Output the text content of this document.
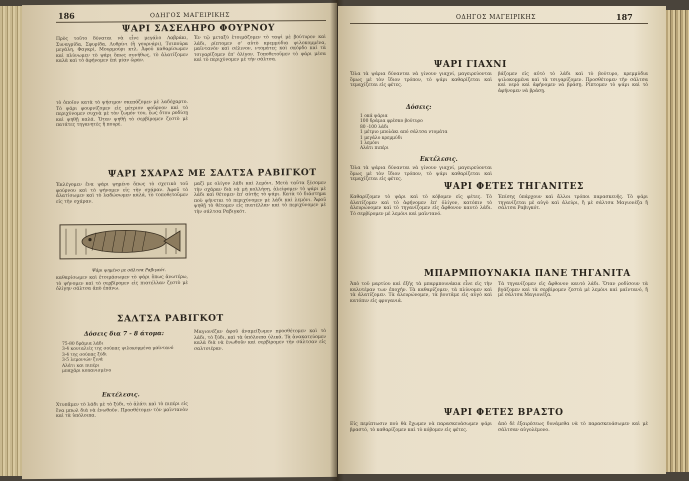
186	ΟΔΗΓΟΣ ΜΑΓΕΙΡΙΚΗΣ
ΨΑΡΙ ΣΑΣΕΛΗΡΟ ΦΟΥΡΝΟΥ
Πρὸς τοῦτο δύναται νὰ εἶνε μεγάλο Λαβράκι, Συναγρίδα, Σφυρίδα, Λυθρίνι (ἢ γουρνάρι), Τσιπούρα μεγάλη, Φαγκρί, Μουρμούρι κτλ. Ἀφοῦ καθαρίσωμεν καὶ πλύνωμεν τὸ ψάρι ὅπως συνήθως, τὸ ἁλατίζομεν καλὰ καὶ τὸ ἀφήνομεν ἐπὶ μίαν ὥραν.
Ἐν τῷ μεταξὺ ἑτοιμάζομεν τὸ ταψὶ μὲ βούτυρον καὶ λάδι, ρίπτομεν σ' αὐτὸ κρεμμύδια ψιλοκομμένα, μαϊντανὸν καὶ σέλινον, ντομάτες καὶ σκόρδο καὶ τὰ τσιγαρίζομεν ἐπ' ὀλίγον. Τοποθετοῦμεν τὸ ψάρι μέσα καὶ τὸ περιχύνομεν μὲ τὴν σάλτσα.
τὸ ὁποῖον κατὰ τὸ ψήσιμον σκεπάζομεν μὲ λαδόχαρτο. Τὸ ψάρι φουρνίζομεν εἰς μέτριον φοῦρνον καὶ τὸ περιχύνομεν συχνὰ μὲ τὸν ζωμόν του, ἕως ὅτου ροδίσῃ καὶ ψηθῇ καλά. Ὅταν ψηθῇ τὸ σερβίρομεν ζεστὸ μὲ πατάτες τηγανητὲς ἢ πουρέ.
ΨΑΡΙ ΣΧΑΡΑΣ ΜΕ ΣΑΛΤΣΑ ΡΑΒΙΓΚΟΤ
Ἐκλέγομεν ἕνα ψάρι ψημένο ὅπως τὸ σχετικὸ τοῦ φούρνου καὶ τὸ ψήνομεν εἰς τὴν σχάραν. Ἀφοῦ τὸ ἁλατίσωμεν καὶ τὸ λαδώσωμεν καλά, τὸ τοποθετοῦμεν εἰς τὴν σχάραν.
μαζὶ με ολίγον λάδι καὶ λεμόνι. Μετὰ ταῦτα ξέσομεν τὴν σχάραν διὰ νὰ μὴ κολλήσῃ, ἀλείφομεν τὸ ψάρι μὲ λάδι καὶ θέτομεν ἐπ' αὐτῆς τὸ ψάρι. Κατὰ τὸ διάστημα ποὺ ψήνεται τὸ περιχύνομεν μὲ λάδι καὶ λεμόνι. Ἀφοῦ ψηθῇ τὸ θέτομεν εἰς πιατέλλαν καὶ τὸ περιχύνομεν μὲ τὴν σάλτσα Ραβιγκότ.
Ψάρι ψημένο με σάλτσα Ραβιγκότ.
καθαρίσωμεν καὶ ἑτοιμάσωμεν τὸ ψάρι ὅπως ἀνωτέρω, τὸ ψήνομεν καὶ τὸ σερβίρομεν εἰς πιατέλλαν ζεστὸ μὲ ὀλίγην σάλτσα ἀπὸ ἐπάνω.
ΣΑΛΤΣΑ ΡΑΒΙΓΚΟΤ
Δόσεις δια 7 - 8 άτομα:
75-80 δράμια λάδι
3-4 κουταλιές της σούπας ψιλοκομμένα μαϊντανό
3-4 της σούπας ξύδι
3-5 λεμονιών ξινά
Αλάτι και πιπέρι
μπαχάρι κοπανισμένο
Εκτέλεσις.
Χτυπᾶμεν τὸ λάδι μὲ τὸ ξύδι, τὸ ἁλάτι καὶ τὸ πιπέρι εἰς ἕνα μπωλ διὰ νὰ ἑνωθοῦν. Προσθέτομεν τὸν μαϊντανὸν καὶ τὰ ὑπόλοιπα.
Μαγιονέζαν ἀφοῦ ἀναμείξωμεν προσθέτομεν καὶ τὸ λάδι, τὸ ξύδι, καὶ τὰ ὑπόλοιπα ὑλικά. Τὰ ἀνακατεύομεν καλὰ διὰ νὰ ἑνωθοῦν καὶ σερβίρομεν τὴν σάλτσαν εἰς σαλτσιέραν.
ΟΔΗΓΟΣ ΜΑΓΕΙΡΙΚΗΣ	187
ΨΑΡΙ ΓΙΑΧΝΙ
Ὅλα τὰ ψάρια δύνανται νὰ γίνουν γιαχνί, μαγειρεύονται ὅμως μὲ τὸν ἴδιον τρόπον, τὸ ψάρι καθαρίζεται καὶ τεμαχίζεται εἰς φέτες.
Δόσεις:
1 οκά ψάρια
100 δράμια φρέσκο βούτυρο
80 -100 λάδι
1 μέτριο μπολάκι από σάλτσα ντομάτα
1 μεγάλο κρεμμύδι
1 λεμόνι
Αλάτι πιπέρι
Εκτέλεσις.
Ὅλα τὰ ψάρια δύνανται νὰ γίνουν γιαχνί, μαγειρεύονται ὅμως μὲ τὸν ἴδιον τρόπον, τὸ ψάρι καθαρίζεται καὶ τεμαχίζεται εἰς φέτες.
βάζομεν εἰς αὐτὸ τὸ λάδι καὶ τὸ βούτυρο, κρεμμύδια ψιλοκομμένα καὶ τὰ τσιγαρίζομεν. Προσθέτομεν τὴν σάλτσα καὶ νερὸ καὶ ἀφήνομεν νὰ βράσῃ. Ρίπτομεν τὸ ψάρι καὶ τὸ ἀφήνομεν νὰ βράσῃ.
ΨΑΡΙ ΦΕΤΕΣ ΤΗΓΑΝΙΤΕΣ
Καθαρίζομεν τὸ ψάρι καὶ τὸ κόβομεν εἰς φέτες. Τὸ ἁλατίζομεν καὶ τὸ ἀφήνομεν ἐπ' ὀλίγον, κατόπιν τὸ ἀλευρώνομεν καὶ τὸ τηγανίζομεν εἰς ἄφθονον καυτὸ λάδι. Τὸ σερβίρομεν μὲ λεμόνι καὶ μαϊντανό.
Ἐπίσης ὑπάρχουν καὶ ἄλλοι τρόποι παρασκευῆς. Τὸ ψάρι τηγανίζεται μὲ αὐγὸ καὶ ἀλεύρι, ἢ μὲ σάλτσα Μαγιονέζα ἢ σάλτσα Ραβιγκότ.
ΜΠΑΡΜΠΟΥΝΑΚΙΑ ΠΑΝΕ ΤΗΓΑΝΙΤΑ
Ἀπὸ τοῦ μαρτίου καὶ ἑξῆς τὰ μπαρμπουνάκια εἶνε εἰς τὴν καλυτέραν των ἐποχήν. Τὰ καθαρίζομεν, τὰ πλύνομεν καὶ τὰ ἁλατίζομεν. Τὰ ἀλευρώνομεν, τὰ βουτᾶμε εἰς αὐγὸ καὶ κατόπιν εἰς φρυγανιά.
Τὰ τηγανίζομεν εἰς ἄφθονον καυτὸ λάδι. Ὅταν ροδίσουν τὰ βγάζομεν καὶ τὰ σερβίρομεν ζεστὰ μὲ λεμόνι καὶ μαϊντανό, ἢ μὲ σάλτσα Μαγιονέζα.
ΨΑΡΙ ΦΕΤΕΣ ΒΡΑΣΤΟ
Εἰς περίπτωσιν ποὺ θὰ ἔχωμεν νὰ παρασκευάσωμεν ψάρι βραστό, τὸ καθαρίζομεν καὶ τὸ κόβομεν εἰς φέτες.
ἀπὸ δὲ ἐξαιρέσεως δυνάμεθα νὰ τὸ παρασκευάσωμεν καὶ μὲ σάλτσαν αὐγολέμονο.
